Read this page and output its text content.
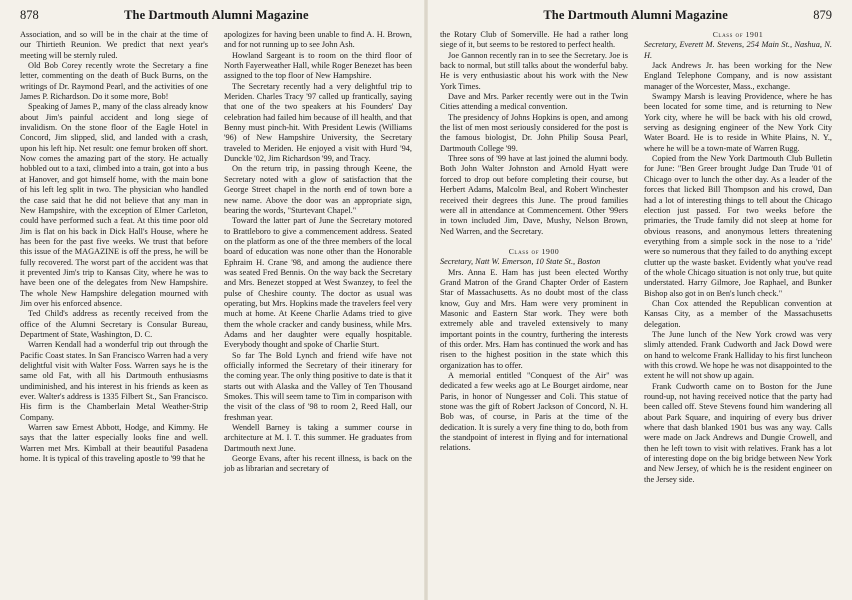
878	The Dartmouth Alumni Magazine

Association, and so will be in the chair at the time of our Thirtieth Reunion. We predict that next year's meeting will be sternly ruled.

Old Bob Corey recently wrote the Secretary a fine letter, commenting on the death of Buck Burns, on the writings of Dr. Raymond Pearl, and the activities of one James P. Richardson. Do it some more, Bob!

Speaking of James P., many of the class already know about Jim's painful accident and long siege of invalidism. On the stone floor of the Eagle Hotel in Concord, Jim slipped, slid, and landed with a crash, upon his left hip. Net result: one femur broken off short. Now comes the amazing part of the story. He actually hobbled out to a taxi, climbed into a train, got into a bus at Hanover, and got himself home, with the main bone of his left leg split in two. The physician who handled the case said that he did not believe that any man in New Hampshire, with the exception of Elmer Carleton, could have performed such a feat. At this time poor old Jim is flat on his back in Dick Hall's House, where he has been for the past five weeks. We trust that before this issue of the MAGAZINE is off the press, he will be fully recovered. The worst part of the accident was that it prevented Jim's trip to Kansas City, where he was to have been one of the delegates from New Hampshire. The whole New Hampshire delegation mourned with Jim over his enforced absence.

Ted Child's address as recently received from the office of the Alumni Secretary is Consular Bureau, Department of State, Washington, D. C.

Warren Kendall had a wonderful trip out through the Pacific Coast states. In San Francisco Warren had a very delightful visit with Walter Foss. Warren says he is the same old Fat, with all his Dartmouth enthusiasms undiminished, and his interest in his friends as keen as ever. Walter's address is 1335 Filbert St., San Francisco. His firm is the Chamberlain Metal Weather-Strip Company.

Warren saw Ernest Abbott, Hodge, and Kimmy. He says that the latter especially looks fine and well. Warren met Mrs. Kimball at their beautiful Pasadena home. It is typical of this traveling apostle to '99 that he

apologizes for having been unable to find A. H. Brown, and for not running up to see John Ash.

Howland Sargeant is to room on the third floor of North Fayerweather Hall, while Roger Benezet has been assigned to the top floor of New Hampshire.

The Secretary recently had a very delightful trip to Meriden. Charles Tracy '97 called up frantically, saying that one of the two speakers at his Founders' Day celebration had failed him because of ill health, and that Benny must pinch-hit. With President Lewis (Williams '96) of New Hampshire University, the Secretary traveled to Meriden. He enjoyed a visit with Hurd '94, Dunckle '02, Jim Richardson '99, and Tracy.

On the return trip, in passing through Keene, the Secretary noted with a glow of satisfaction that the George Street chapel in the north end of town bore a new name. Above the door was an appropriate sign, bearing the words, "Sturtevant Chapel."

Toward the latter part of June the Secretary motored to Brattleboro to give a commencement address. Seated on the platform as one of the three members of the local board of education was none other than the Honorable Ephraim H. Crane '98, and among the audience there was seated Fred Bennis. On the way back the Secretary and Mrs. Benezet stopped at West Swanzey, to feel the pulse of Cheshire county. The doctor as usual was operating, but Mrs. Hopkins made the travelers feel very much at home. At Keene Charlie Adams tried to give them the whole cracker and candy business, while Mrs. Adams and her daughter were equally hospitable. Everybody thought and spoke of Charlie Sturt.

So far The Bold Lynch and friend wife have not officially informed the Secretary of their itinerary for the coming year. The only thing positive to date is that it starts out with Alaska and the Valley of Ten Thousand Smokes. This will seem tame to Tim in comparison with the visit of the class of '98 to room 2, Reed Hall, our freshman year.

Wendell Barney is taking a summer course in architecture at M. I. T. this summer. He graduates from Dartmouth next June.

George Evans, after his recent illness, is back on the job as librarian and secretary of

The Dartmouth Alumni Magazine	879

the Rotary Club of Somerville. He had a rather long siege of it, but seems to be restored to perfect health.

Joe Gannon recently ran in to see the Secretary. Joe is back to normal, but still talks about the wonderful baby. He is very enthusiastic about his work with the New York Times.

Dave and Mrs. Parker recently were out in the Twin Cities attending a medical convention.

The presidency of Johns Hopkins is open, and among the list of men most seriously considered for the post is the famous biologist, Dr. John Philip Sousa Pearl, Dartmouth College '99.

Three sons of '99 have at last joined the alumni body. Both John Walter Johnston and Arnold Hyatt were forced to drop out before completing their course, but Herbert Adams, Malcolm Beal, and Robert Winchester received their degrees this June. The proud families were all in attendance at Commencement. Other '99ers in town included Jim, Dave, Mushy, Nelson Brown, Ned Warren, and the Secretary.

Class of 1900

Secretary, Natt W. Emerson, 10 State St., Boston

Mrs. Anna E. Ham has just been elected Worthy Grand Matron of the Grand Chapter Order of Eastern Star of Massachusetts. As no doubt most of the class know, Guy and Mrs. Ham were very prominent in Masonic and Eastern Star work. They were both extremely able and traveled extensively to many important points in the country, furthering the interests of this order. Mrs. Ham has continued the work and has risen to the highest position in the state which this organization has to offer.

A memorial entitled "Conquest of the Air" was dedicated a few weeks ago at Le Bourget airdome, near Paris, in honor of Nungesser and Coli. This statue of stone was the gift of Robert Jackson of Concord, N. H. Bob was, of course, in Paris at the time of the dedication. It is surely a very fine thing to do, both from the standpoint of interest in flying and for international relations.

Class of 1901

Secretary, Everett M. Stevens, 254 Main St., Nashua, N. H.

Jack Andrews Jr. has been working for the New England Telephone Company, and is now assistant manager of the Worcester, Mass., exchange.

Swampy Marsh is leaving Providence, where he has been located for some time, and is returning to New York city, where he will be back with his old crowd, serving as designing engineer of the New York City Water Board. He is to reside in White Plains, N. Y., where he will be a town-mate of Warren Rugg.

Copied from the New York Dartmouth Club Bulletin for June: "Ben Greer brought Judge Dan Trude '01 of Chicago over to lunch the other day. As a leader of the forces that licked Bill Thompson and his crowd, Dan had a lot of interesting things to tell about the Chicago election just passed. For two weeks before the primaries, the Trude family did not sleep at home for obvious reasons, and anonymous letters threatening everything from a simple sock in the nose to a 'ride' were so numerous that they failed to do anything except clutter up the waste basket. Evidently what you've read of the whole Chicago situation is not only true, but quite understated. Harry Gilmore, Joe Raphael, and Bunker Bishop also got in on Ben's lunch check."

Chan Cox attended the Republican convention at Kansas City, as a member of the Massachusetts delegation.

The June lunch of the New York crowd was very slimly attended. Frank Cudworth and Jack Dowd were on hand to welcome Frank Halliday to his first luncheon with this crowd. We hope he was not disappointed to the extent he will not show up again.

Frank Cudworth came on to Boston for the June round-up, not having received notice that the party had been called off. Steve Stevens found him wandering all about Park Square, and inquiring of every bus driver where that dash blanked 1901 bus was any way. Calls were made on Jack Andrews and Dungie Crowell, and then he left town to visit with relatives. Frank has a lot of interesting dope on the big bridge between New York and New Jersey, of which he is the resident engineer on the Jersey side.
